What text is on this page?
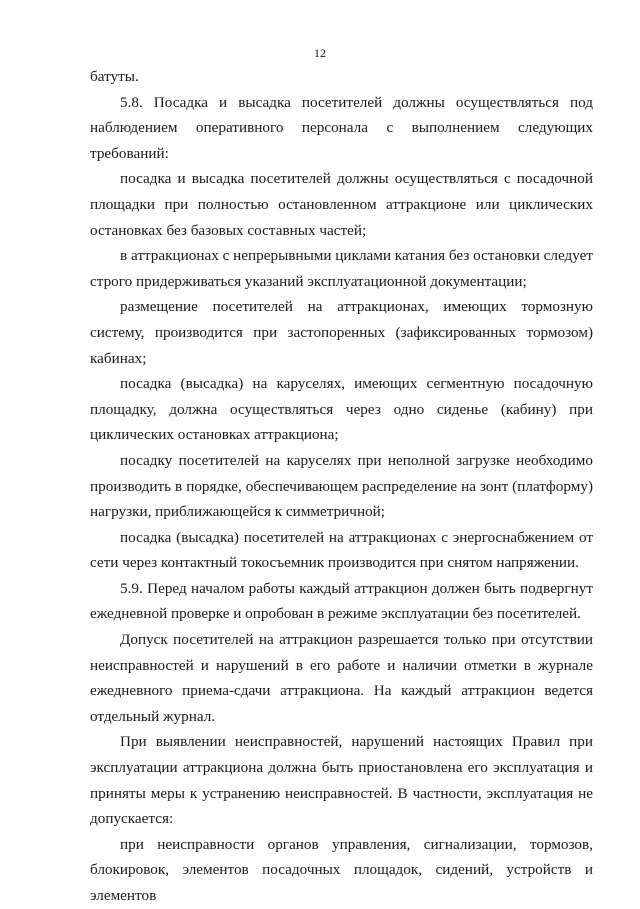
12

батуты.

5.8. Посадка и высадка посетителей должны осуществляться под наблюдением оперативного персонала с выполнением следующих требований:

посадка и высадка посетителей должны осуществляться с посадочной площадки при полностью остановленном аттракционе или циклических остановках без базовых составных частей;

в аттракционах с непрерывными циклами катания без остановки следует строго придерживаться указаний эксплуатационной документации;

размещение посетителей на аттракционах, имеющих тормозную систему, производится при застопоренных (зафиксированных тормозом) кабинах;

посадка (высадка) на каруселях, имеющих сегментную посадочную площадку, должна осуществляться через одно сиденье (кабину) при циклических остановках аттракциона;

посадку посетителей на каруселях при неполной загрузке необходимо производить в порядке, обеспечивающем распределение на зонт (платформу) нагрузки, приближающейся к симметричной;

посадка (высадка) посетителей на аттракционах с энергоснабжением от сети через контактный токосъемник производится при снятом напряжении.

5.9. Перед началом работы каждый аттракцион должен быть подвергнут ежедневной проверке и опробован в режиме эксплуатации без посетителей.

Допуск посетителей на аттракцион разрешается только при отсутствии неисправностей и нарушений в его работе и наличии отметки в журнале ежедневного приема-сдачи аттракциона. На каждый аттракцион ведется отдельный журнал.

При выявлении неисправностей, нарушений настоящих Правил при эксплуатации аттракциона должна быть приостановлена его эксплуатация и приняты меры к устранению неисправностей. В частности, эксплуатация не допускается:

при неисправности органов управления, сигнализации, тормозов, блокировок, элементов посадочных площадок, сидений, устройств и элементов
